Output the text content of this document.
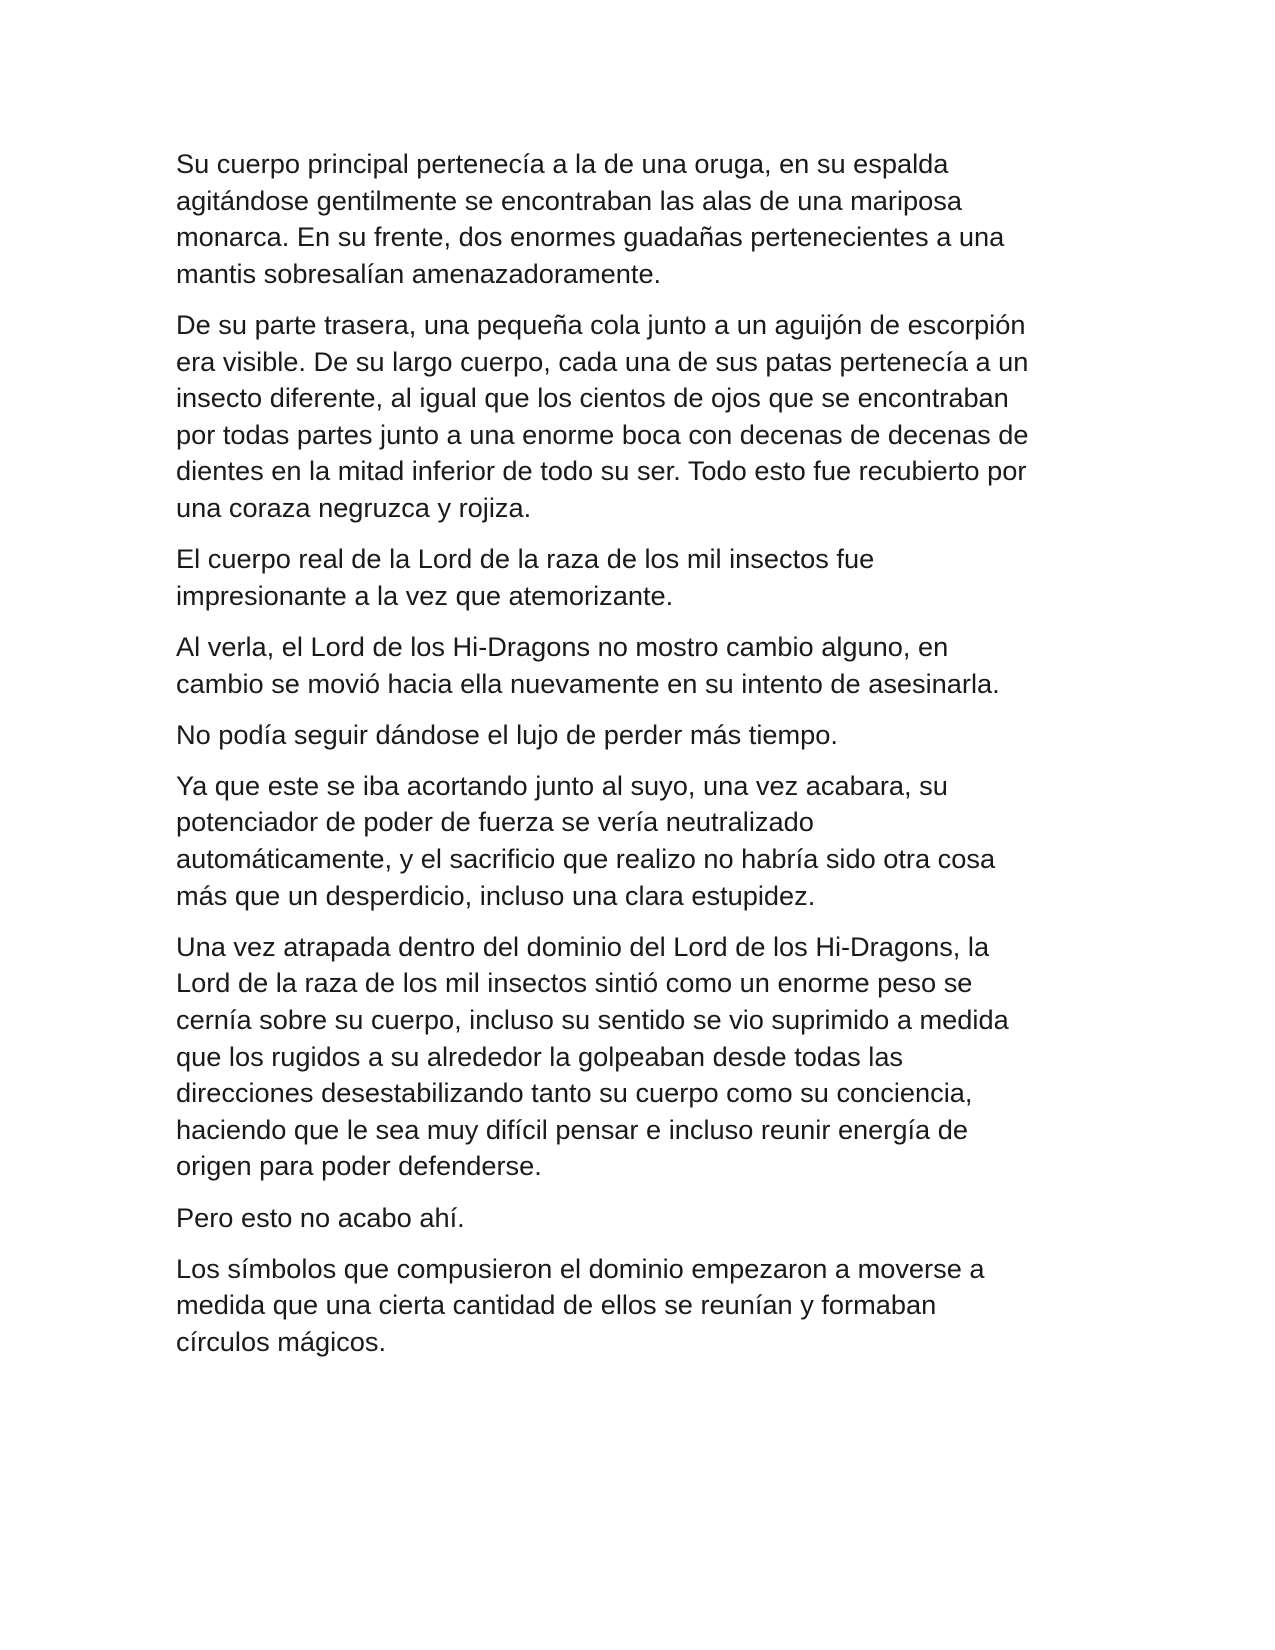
Su cuerpo principal pertenecía a la de una oruga, en su espalda
agitándose gentilmente se encontraban las alas de una mariposa
monarca. En su frente, dos enormes guadañas pertenecientes a una
mantis sobresalían amenazadoramente.

De su parte trasera, una pequeña cola junto a un aguijón de escorpión
era visible. De su largo cuerpo, cada una de sus patas pertenecía a un
insecto diferente, al igual que los cientos de ojos que se encontraban
por todas partes junto a una enorme boca con decenas de decenas de
dientes en la mitad inferior de todo su ser. Todo esto fue recubierto por
una coraza negruzca y rojiza.

El cuerpo real de la Lord de la raza de los mil insectos fue
impresionante a la vez que atemorizante.

Al verla, el Lord de los Hi-Dragons no mostro cambio alguno, en
cambio se movió hacia ella nuevamente en su intento de asesinarla.

No podía seguir dándose el lujo de perder más tiempo.

Ya que este se iba acortando junto al suyo, una vez acabara, su
potenciador de poder de fuerza se vería neutralizado
automáticamente, y el sacrificio que realizo no habría sido otra cosa
más que un desperdicio, incluso una clara estupidez.

Una vez atrapada dentro del dominio del Lord de los Hi-Dragons, la
Lord de la raza de los mil insectos sintió como un enorme peso se
cernía sobre su cuerpo, incluso su sentido se vio suprimido a medida
que los rugidos a su alrededor la golpeaban desde todas las
direcciones desestabilizando tanto su cuerpo como su conciencia,
haciendo que le sea muy difícil pensar e incluso reunir energía de
origen para poder defenderse.

Pero esto no acabo ahí.

Los símbolos que compusieron el dominio empezaron a moverse a
medida que una cierta cantidad de ellos se reunían y formaban
círculos mágicos.
